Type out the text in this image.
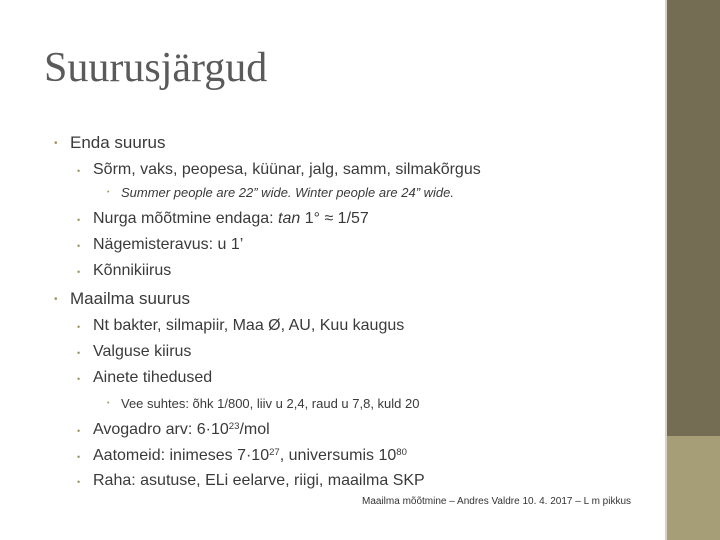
Suurusjärgud
• Enda suurus
• Sõrm, vaks, peopesa, küünar, jalg, samm, silmakõrgus
• Summer people are 22” wide. Winter people are 24” wide.
• Nurga mõõtmine endaga: tan 1° ≈ 1/57
• Nägemisteravus: u 1’
• Kõnnikiirus
• Maailma suurus
• Nt bakter, silmapiir, Maa Ø, AU, Kuu kaugus
• Valguse kiirus
• Ainete tihedused
• Vee suhtes: õhk 1/800, liiv u 2,4, raud u 7,8, kuld 20
• Avogadro arv: $6\cdot 10^{23}$/mol
• Aatomeid: inimeses $7\cdot 10^{27}$, universumis $10^{80}$
• Raha: asutuse, ELi eelarve, riigi, maailma SKP
Maailma mõõtmine – Andres Valdre 10. 4. 2017 – L m pikkus
